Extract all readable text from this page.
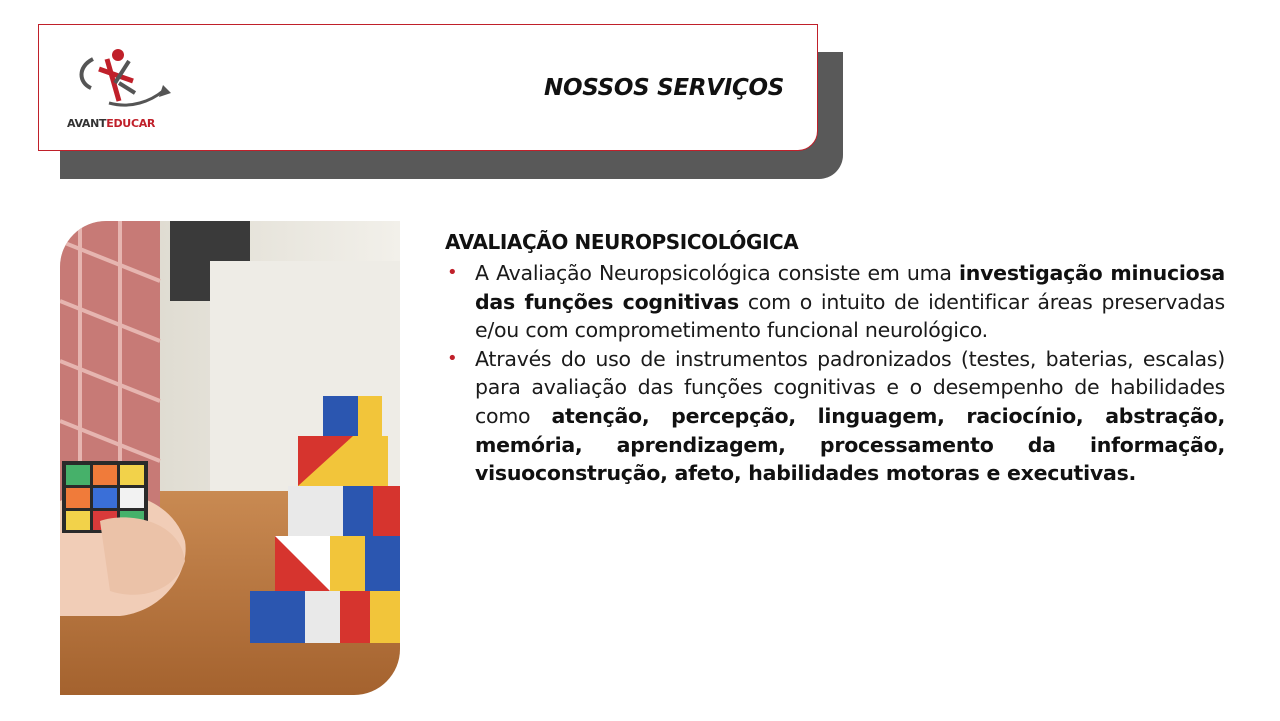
AVANTEDUCAR
NOSSOS SERVIÇOS
AVALIAÇÃO NEUROPSICOLÓGICA
• A Avaliação Neuropsicológica consiste em uma investigação minuciosa das funções cognitivas com o intuito de identificar áreas preservadas e/ou com comprometimento funcional neurológico.
• Através do uso de instrumentos padronizados (testes, baterias, escalas) para avaliação das funções cognitivas e o desempenho de habilidades como atenção, percepção, linguagem, raciocínio, abstração, memória, aprendizagem, processamento da informação, visuoconstrução, afeto, habilidades motoras e executivas.
